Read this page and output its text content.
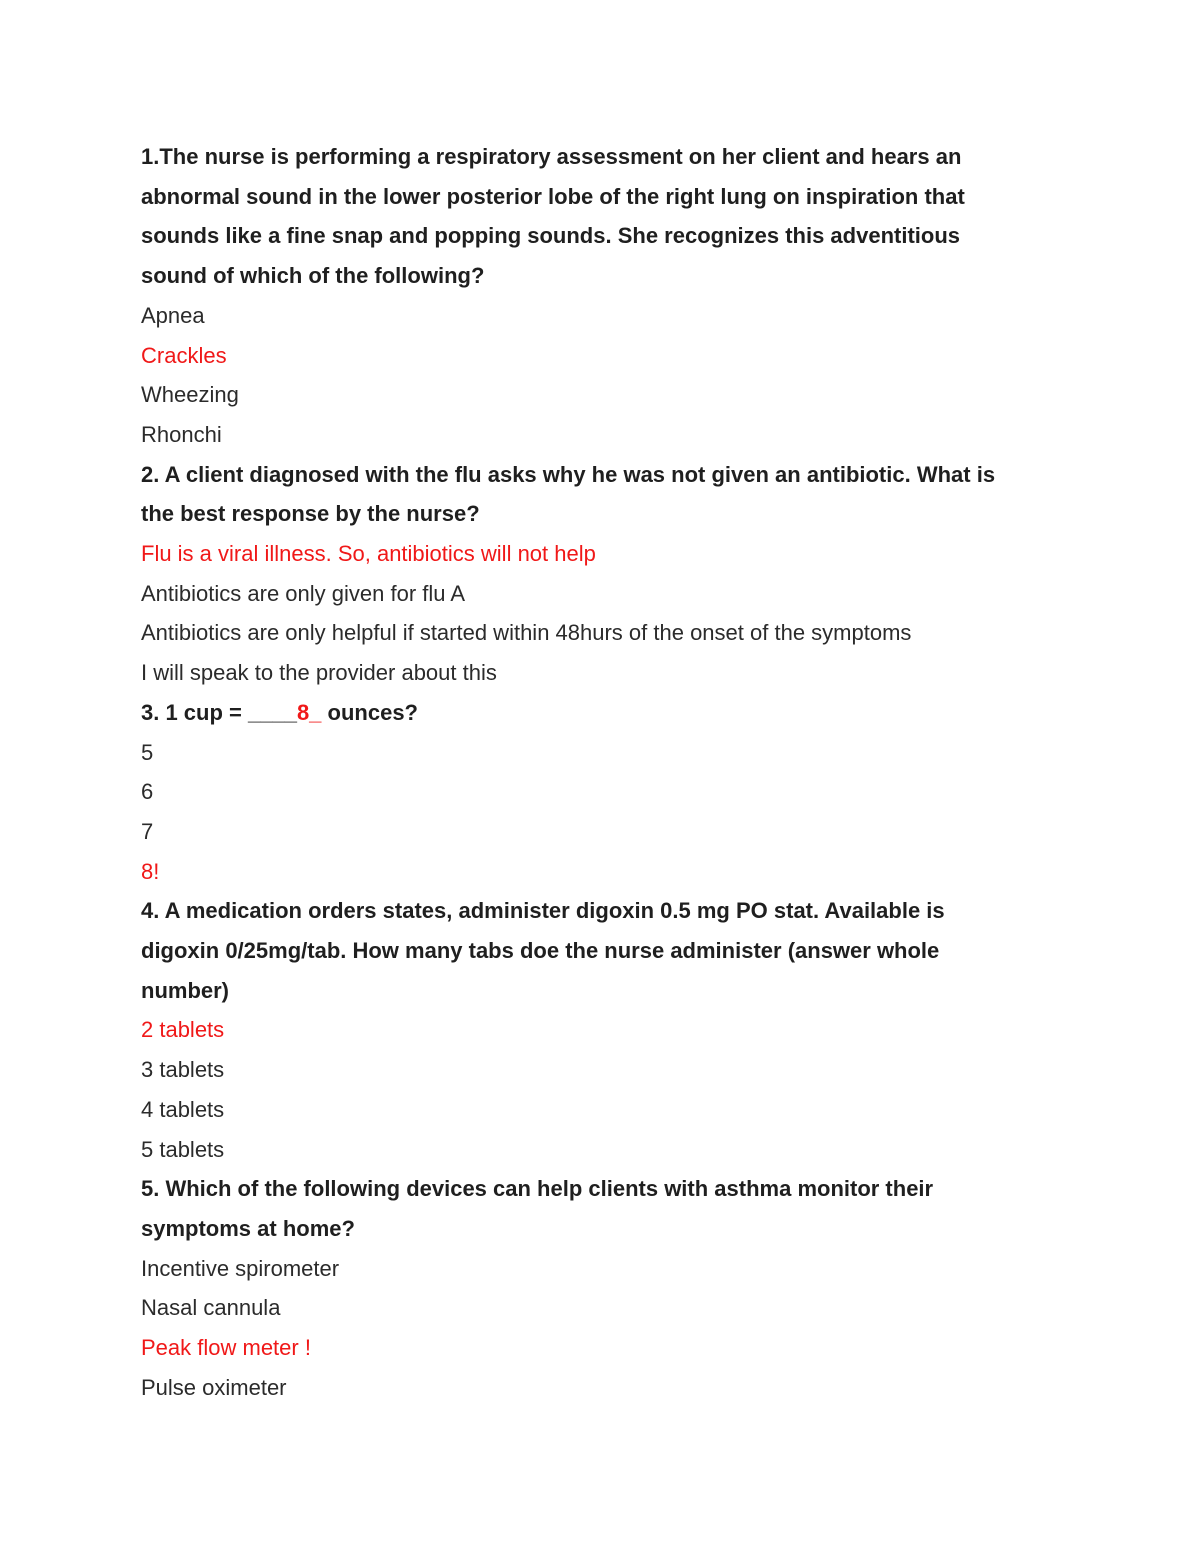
1.The nurse is performing a respiratory assessment on her client and hears an

abnormal sound in the lower posterior lobe of the right lung on inspiration that

sounds like a fine snap and popping sounds. She recognizes this adventitious

sound of which of the following?

Apnea

Crackles

Wheezing

Rhonchi

2. A client diagnosed with the flu asks why he was not given an antibiotic. What is

the best response by the nurse?

Flu is a viral illness. So, antibiotics will not help

Antibiotics are only given for flu A

Antibiotics are only helpful if started within 48hurs of the onset of the symptoms

I will speak to the provider about this

3. 1 cup = ____8_ ounces?

5

6

7

8!

4. A medication orders states, administer digoxin 0.5 mg PO stat. Available is

digoxin 0/25mg/tab. How many tabs doe the nurse administer (answer whole

number)

2 tablets

3 tablets

4 tablets

5 tablets

5. Which of the following devices can help clients with asthma monitor their

symptoms at home?

Incentive spirometer

Nasal cannula

Peak flow meter !

Pulse oximeter
